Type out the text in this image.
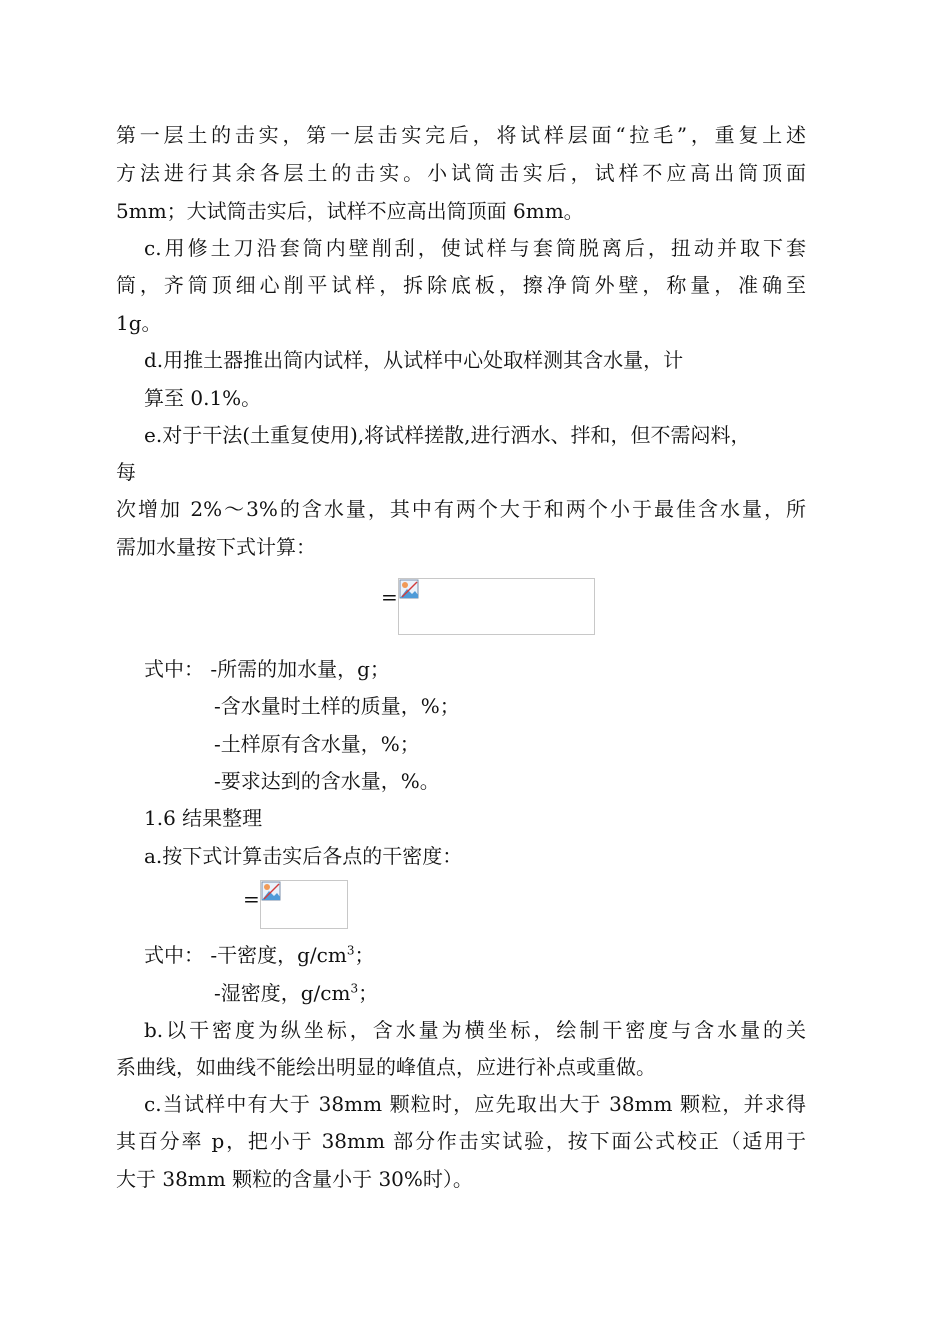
第一层土的击实，第一层击实完后，将试样层面“拉毛”，重复上述
方法进行其余各层土的击实。小试筒击实后，试样不应高出筒顶面
5mm；大试筒击实后，试样不应高出筒顶面 6mm。
c.用修土刀沿套筒内壁削刮，使试样与套筒脱离后，扭动并取下套
筒，齐筒顶细心削平试样，拆除底板，擦净筒外壁，称量，准确至
1g。
d.用推土器推出筒内试样，从试样中心处取样测其含水量，计
算至 0.1%。
e.对于干法(土重复使用),将试样搓散,进行洒水、拌和，但不需闷料，
每
次增加 2%～3%的含水量，其中有两个大于和两个小于最佳含水量，所
需加水量按下式计算：
=
式中： -所需的加水量，g；
-含水量时土样的质量，%；
-土样原有含水量，%；
-要求达到的含水量，%。
1.6 结果整理
a.按下式计算击实后各点的干密度：
=
式中： -干密度，$g/cm^3$；
-湿密度，$g/cm^3$；
b.以干密度为纵坐标，含水量为横坐标，绘制干密度与含水量的关
系曲线，如曲线不能绘出明显的峰值点，应进行补点或重做。
c.当试样中有大于 38mm 颗粒时，应先取出大于 38mm 颗粒，并求得
其百分率 p，把小于 38mm 部分作击实试验，按下面公式校正（适用于
大于 38mm 颗粒的含量小于 30%时）。
